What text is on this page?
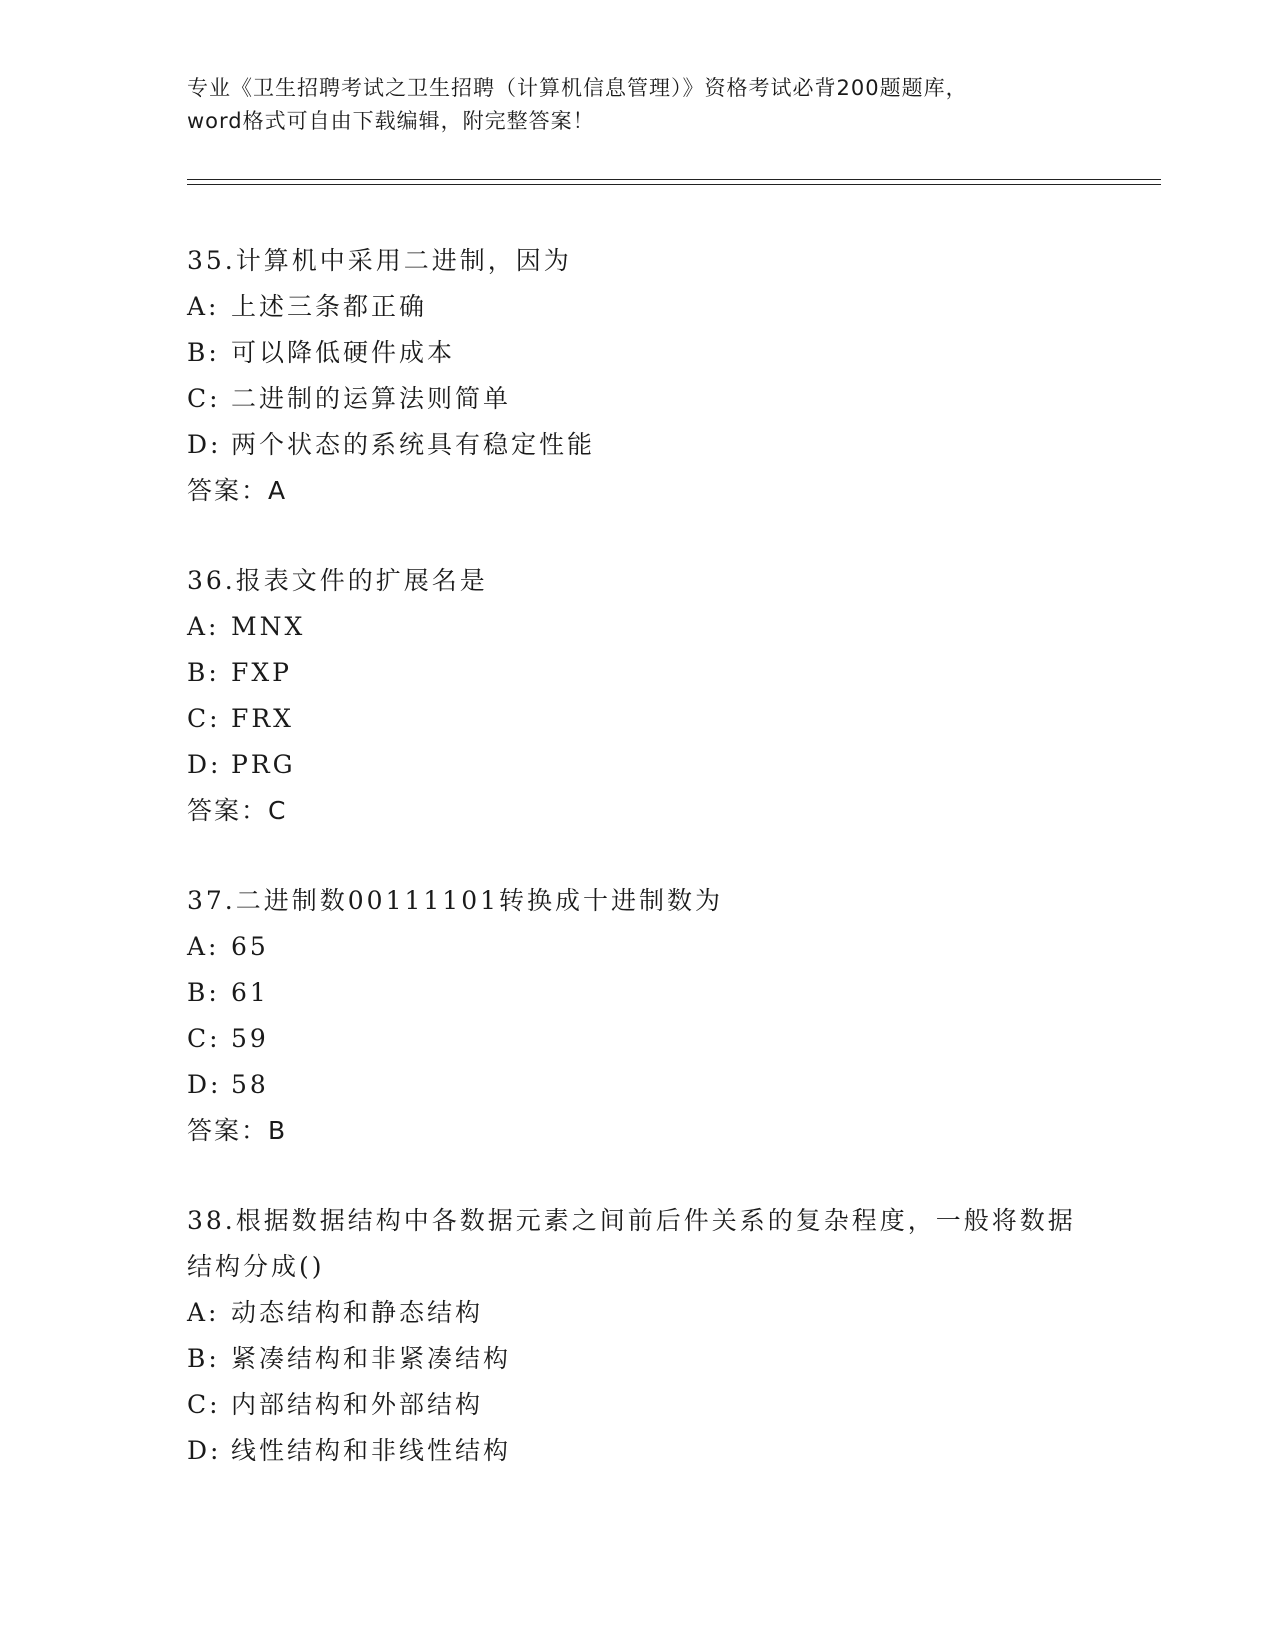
专业《卫生招聘考试之卫生招聘（计算机信息管理）》资格考试必背200题题库，
word格式可自由下载编辑，附完整答案！
35.计算机中采用二进制，因为
A: 上述三条都正确
B: 可以降低硬件成本
C: 二进制的运算法则简单
D: 两个状态的系统具有稳定性能
答案：A
36.报表文件的扩展名是
A: MNX
B: FXP
C: FRX
D: PRG
答案：C
37.二进制数00111101转换成十进制数为
A: 65
B: 61
C: 59
D: 58
答案：B
38.根据数据结构中各数据元素之间前后件关系的复杂程度，一般将数据结构分成()
A: 动态结构和静态结构
B: 紧凑结构和非紧凑结构
C: 内部结构和外部结构
D: 线性结构和非线性结构
